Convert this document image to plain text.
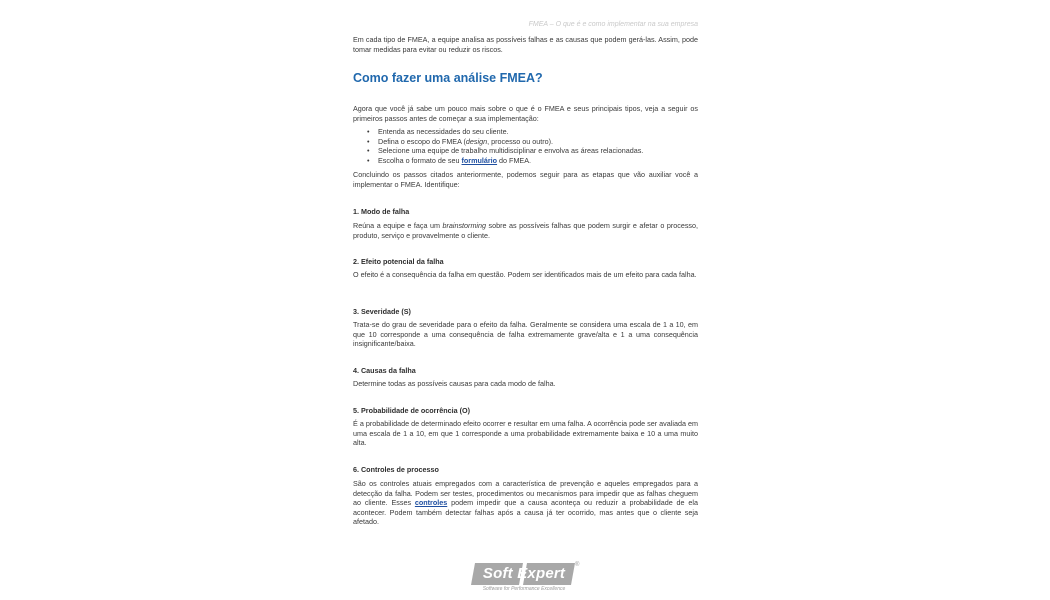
FMEA – O que é e como implementar na sua empresa

Em cada tipo de FMEA, a equipe analisa as possíveis falhas e as causas que podem gerá-las. Assim, pode tomar medidas para evitar ou reduzir os riscos.

Como fazer uma análise FMEA?

Agora que você já sabe um pouco mais sobre o que é o FMEA e seus principais tipos, veja a seguir os primeiros passos antes de começar a sua implementação:

• Entenda as necessidades do seu cliente.
• Defina o escopo do FMEA (design, processo ou outro).
• Selecione uma equipe de trabalho multidisciplinar e envolva as áreas relacionadas.
• Escolha o formato de seu formulário do FMEA.

Concluindo os passos citados anteriormente, podemos seguir para as etapas que vão auxiliar você a implementar o FMEA. Identifique:

1. Modo de falha

Reúna a equipe e faça um brainstorming sobre as possíveis falhas que podem surgir e afetar o processo, produto, serviço e provavelmente o cliente.

2. Efeito potencial da falha

O efeito é a consequência da falha em questão. Podem ser identificados mais de um efeito para cada falha.

3. Severidade (S)

Trata-se do grau de severidade para o efeito da falha. Geralmente se considera uma escala de 1 a 10, em que 10 corresponde a uma consequência de falha extremamente grave/alta e 1 a uma consequência insignificante/baixa.

4. Causas da falha

Determine todas as possíveis causas para cada modo de falha.

5. Probabilidade de ocorrência (O)

É a probabilidade de determinado efeito ocorrer e resultar em uma falha. A ocorrência pode ser avaliada em uma escala de 1 a 10, em que 1 corresponde a uma probabilidade extremamente baixa e 10 a uma muito alta.

6. Controles de processo

São os controles atuais empregados com a característica de prevenção e aqueles empregados para a detecção da falha. Podem ser testes, procedimentos ou mecanismos para impedir que as falhas cheguem ao cliente. Esses controles podem impedir que a causa aconteça ou reduzir a probabilidade de ela acontecer. Podem também detectar falhas após a causa já ter ocorrido, mas antes que o cliente seja afetado.

Soft Expert	®
Software for Performance Excellence
